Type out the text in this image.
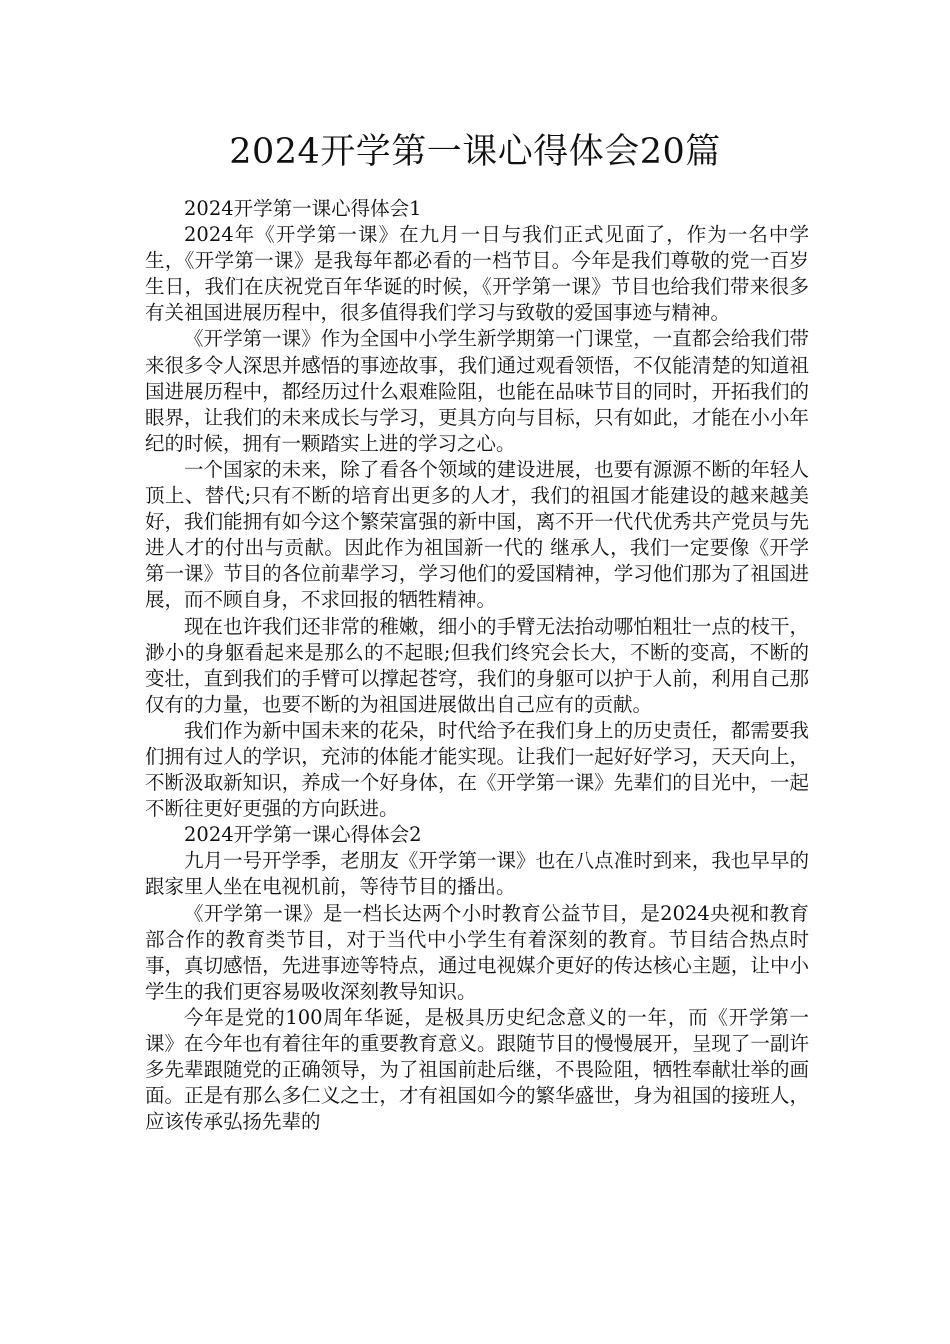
2024开学第一课心得体会20篇

2024开学第一课心得体会1

2024年《开学第一课》在九月一日与我们正式见面了，作为一名中学生，《开学第一课》是我每年都必看的一档节目。今年是我们尊敬的党一百岁生日，我们在庆祝党百年华诞的时候，《开学第一课》节目也给我们带来很多有关祖国进展历程中，很多值得我们学习与致敬的爱国事迹与精神。

《开学第一课》作为全国中小学生新学期第一门课堂，一直都会给我们带来很多令人深思并感悟的事迹故事，我们通过观看领悟，不仅能清楚的知道祖国进展历程中，都经历过什么艰难险阻，也能在品味节目的同时，开拓我们的眼界，让我们的未来成长与学习，更具方向与目标，只有如此，才能在小小年纪的时候，拥有一颗踏实上进的学习之心。

一个国家的未来，除了看各个领域的建设进展，也要有源源不断的年轻人顶上、替代;只有不断的培育出更多的人才，我们的祖国才能建设的越来越美好，我们能拥有如今这个繁荣富强的新中国，离不开一代代优秀共产党员与先进人才的付出与贡献。因此作为祖国新一代的 继承人，我们一定要像《开学第一课》节目的各位前辈学习，学习他们的爱国精神，学习他们那为了祖国进展，而不顾自身，不求回报的牺牲精神。

现在也许我们还非常的稚嫩，细小的手臂无法抬动哪怕粗壮一点的枝干，渺小的身躯看起来是那么的不起眼;但我们终究会长大，不断的变高，不断的变壮，直到我们的手臂可以撑起苍穹，我们的身躯可以护于人前，利用自己那仅有的力量，也要不断的为祖国进展做出自己应有的贡献。

我们作为新中国未来的花朵，时代给予在我们身上的历史责任，都需要我们拥有过人的学识，充沛的体能才能实现。让我们一起好好学习，天天向上，不断汲取新知识，养成一个好身体，在《开学第一课》先辈们的目光中，一起不断往更好更强的方向跃进。

2024开学第一课心得体会2

九月一号开学季，老朋友《开学第一课》也在八点准时到来，我也早早的跟家里人坐在电视机前，等待节目的播出。

《开学第一课》是一档长达两个小时教育公益节目，是2024央视和教育部合作的教育类节目，对于当代中小学生有着深刻的教育。节目结合热点时事，真切感悟，先进事迹等特点，通过电视媒介更好的传达核心主题，让中小学生的我们更容易吸收深刻教导知识。

今年是党的100周年华诞，是极具历史纪念意义的一年，而《开学第一课》在今年也有着往年的重要教育意义。跟随节目的慢慢展开，呈现了一副许多先辈跟随党的正确领导，为了祖国前赴后继，不畏险阻，牺牲奉献壮举的画面。正是有那么多仁义之士，才有祖国如今的繁华盛世，身为祖国的接班人，应该传承弘扬先辈的
